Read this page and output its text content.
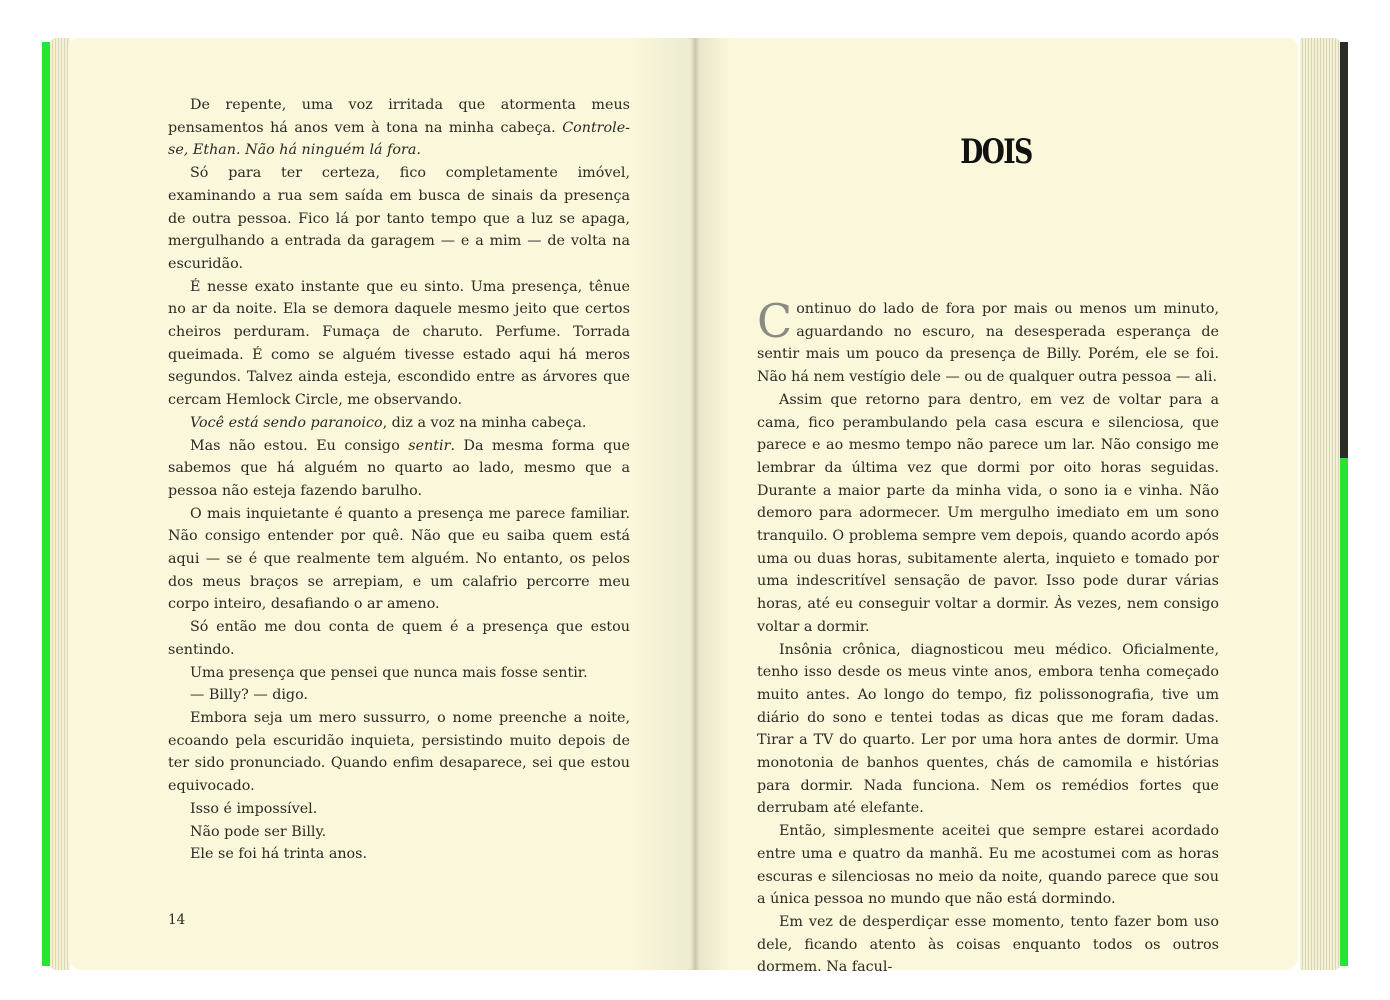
De repente, uma voz irritada que atormenta meus pensamentos há anos vem à tona na minha cabeça. Controle-se, Ethan. Não há ninguém lá fora.

Só para ter certeza, fico completamente imóvel, examinando a rua sem saída em busca de sinais da presença de outra pessoa. Fico lá por tanto tempo que a luz se apaga, mergulhando a entrada da garagem — e a mim — de volta na escuridão.

É nesse exato instante que eu sinto. Uma presença, tênue no ar da noite. Ela se demora daquele mesmo jeito que certos cheiros perduram. Fumaça de charuto. Perfume. Torrada queimada. É como se alguém tivesse estado aqui há meros segundos. Talvez ainda esteja, escondido entre as árvores que cercam Hemlock Circle, me observando.

Você está sendo paranoico, diz a voz na minha cabeça.

Mas não estou. Eu consigo sentir. Da mesma forma que sabemos que há alguém no quarto ao lado, mesmo que a pessoa não esteja fazendo barulho.

O mais inquietante é quanto a presença me parece familiar. Não consigo entender por quê. Não que eu saiba quem está aqui — se é que realmente tem alguém. No entanto, os pelos dos meus braços se arrepiam, e um calafrio percorre meu corpo inteiro, desafiando o ar ameno.

Só então me dou conta de quem é a presença que estou sentindo.

Uma presença que pensei que nunca mais fosse sentir.

— Billy? — digo.

Embora seja um mero sussurro, o nome preenche a noite, ecoando pela escuridão inquieta, persistindo muito depois de ter sido pronunciado. Quando enfim desaparece, sei que estou equivocado.

Isso é impossível.

Não pode ser Billy.

Ele se foi há trinta anos.

14
DOIS

Continuo do lado de fora por mais ou menos um minuto, aguardando no escuro, na desesperada esperança de sentir mais um pouco da presença de Billy. Porém, ele se foi. Não há nem vestígio dele — ou de qualquer outra pessoa — ali.

Assim que retorno para dentro, em vez de voltar para a cama, fico perambulando pela casa escura e silenciosa, que parece e ao mesmo tempo não parece um lar. Não consigo me lembrar da última vez que dormi por oito horas seguidas. Durante a maior parte da minha vida, o sono ia e vinha. Não demoro para adormecer. Um mergulho imediato em um sono tranquilo. O problema sempre vem depois, quando acordo após uma ou duas horas, subitamente alerta, inquieto e tomado por uma indescritível sensação de pavor. Isso pode durar várias horas, até eu conseguir voltar a dormir. Às vezes, nem consigo voltar a dormir.

Insônia crônica, diagnosticou meu médico. Oficialmente, tenho isso desde os meus vinte anos, embora tenha começado muito antes. Ao longo do tempo, fiz polissonografia, tive um diário do sono e tentei todas as dicas que me foram dadas. Tirar a TV do quarto. Ler por uma hora antes de dormir. Uma monotonia de banhos quentes, chás de camomila e histórias para dormir. Nada funciona. Nem os remédios fortes que derrubam até elefante.

Então, simplesmente aceitei que sempre estarei acordado entre uma e quatro da manhã. Eu me acostumei com as horas escuras e silenciosas no meio da noite, quando parece que sou a única pessoa no mundo que não está dormindo.

Em vez de desperdiçar esse momento, tento fazer bom uso dele, ficando atento às coisas enquanto todos os outros dormem. Na facul-
